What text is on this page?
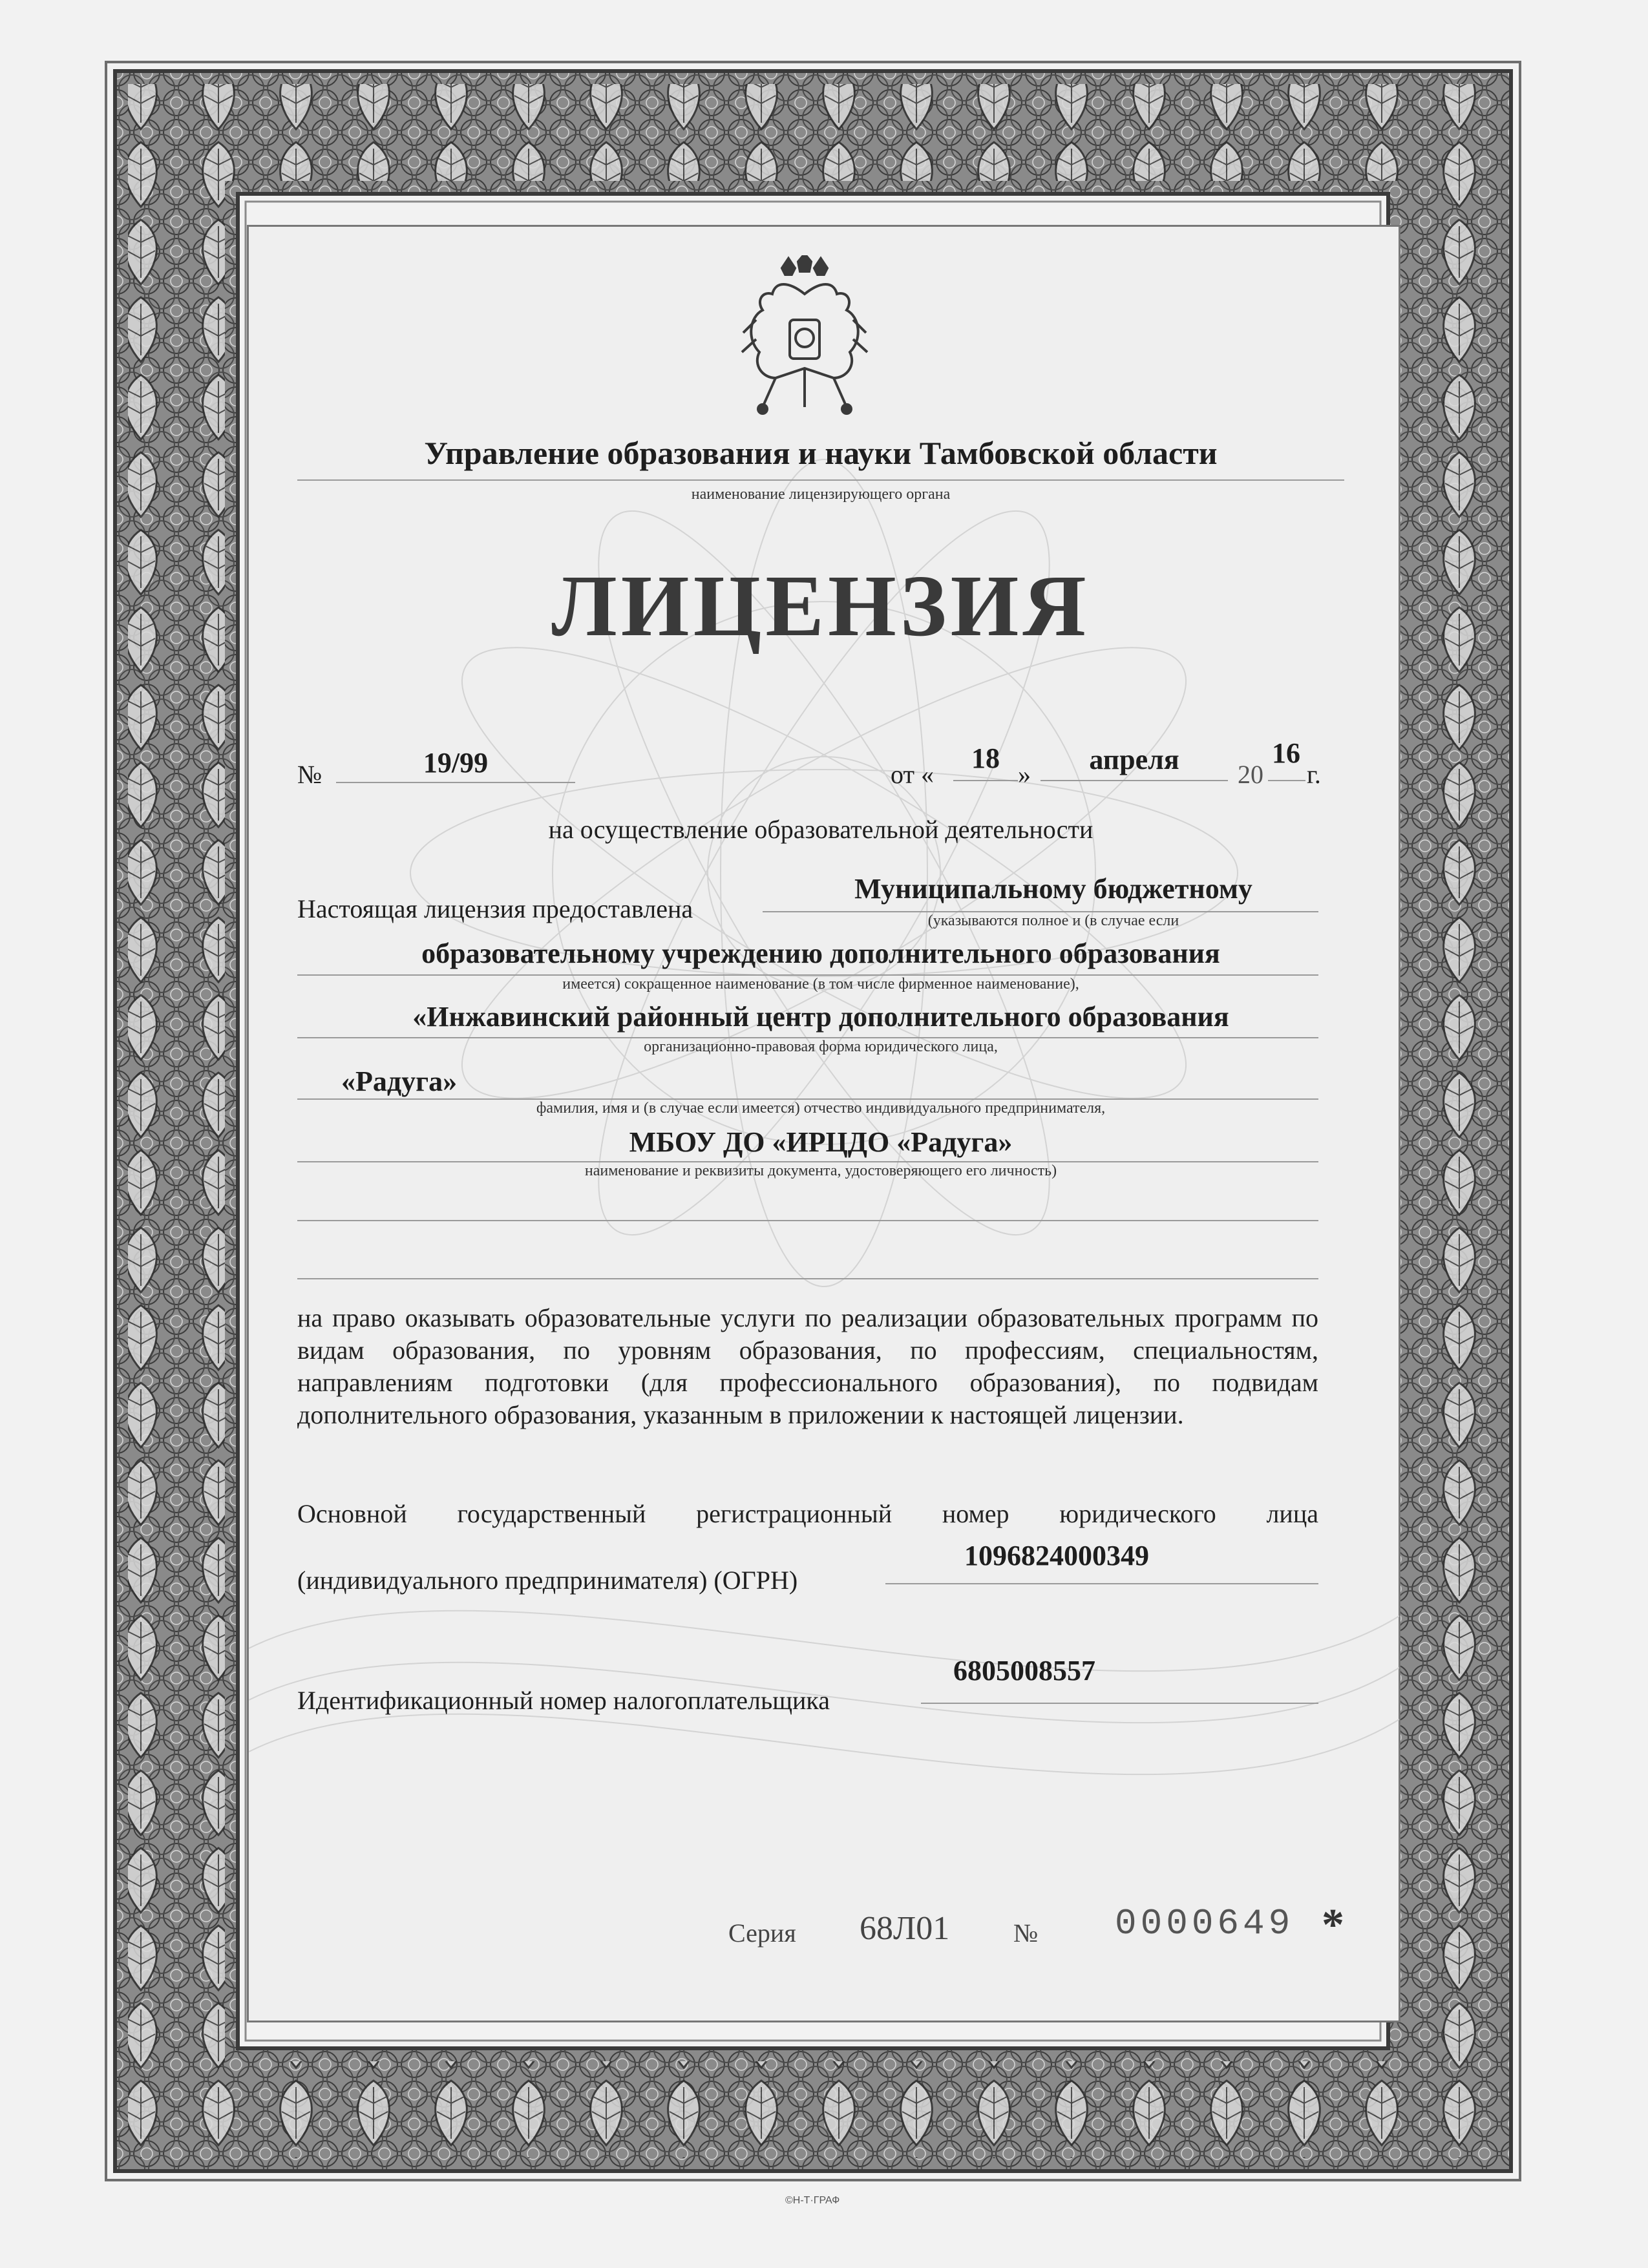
Управление образования и науки Тамбовской области
наименование лицензирующего органа
ЛИЦЕНЗИЯ
№	19/99	от «
18
»	апреля	20
16
г.
на осуществление образовательной деятельности
Настоящая лицензия предоставлена
Муниципальному бюджетному
(указываются полное и (в случае если
образовательному учреждению дополнительного образования
имеется) сокращенное наименование (в том числе фирменное наименование),
«Инжавинский районный центр дополнительного образования
организационно-правовая форма юридического лица,
«Радуга»
фамилия, имя и (в случае если имеется) отчество индивидуального предпринимателя,
МБОУ ДО «ИРЦДО «Радуга»
наименование и реквизиты документа, удостоверяющего его личность)
на право оказывать образовательные услуги по реализации образовательных программ по видам образования, по уровням образования, по профессиям, специальностям, направлениям подготовки (для профессионального образования), по подвидам дополнительного образования, указанным в приложении к настоящей лицензии.
Основной государственный регистрационный номер юридического лица
(индивидуального предпринимателя) (ОГРН)
1096824000349
Идентификационный номер налогоплательщика
6805008557
Серия 68Л01 № 0000649 *
©Н-Т·ГРАФ
